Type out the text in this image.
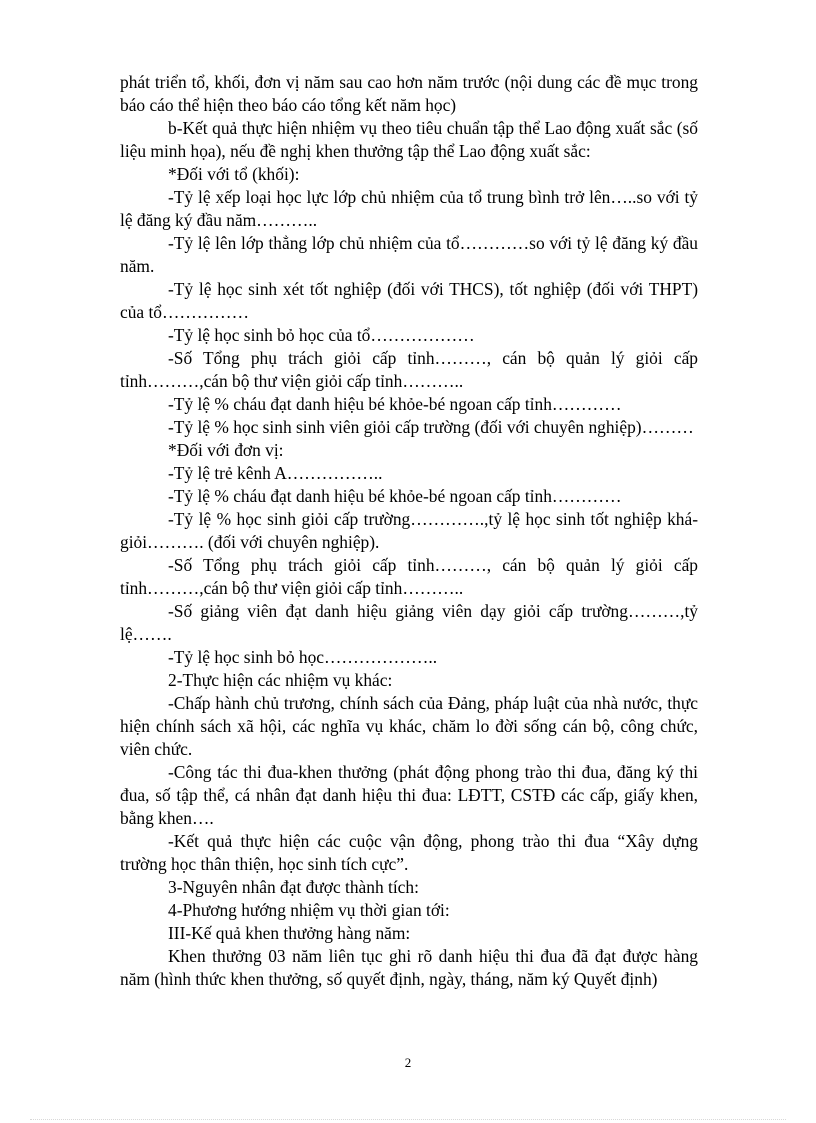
phát triển tổ, khối, đơn vị năm sau cao hơn năm trước (nội dung các đề mục trong báo cáo thể hiện theo báo cáo tổng kết năm học)

b-Kết quả thực hiện nhiệm vụ theo tiêu chuẩn tập thể Lao động xuất sắc (số liệu minh họa), nếu đề nghị khen thưởng tập thể Lao động xuất sắc:

*Đối với tổ (khối):

-Tỷ lệ xếp loại học lực lớp chủ nhiệm của tổ trung bình trở lên…..so với tỷ lệ đăng ký đầu năm………..

-Tỷ lệ lên lớp thẳng lớp chủ nhiệm của tổ…………so với tỷ lệ đăng ký đầu năm.

-Tỷ lệ học sinh xét tốt nghiệp (đối với THCS), tốt nghiệp (đối với THPT) của tổ……………

-Tỷ lệ học sinh bỏ học của tổ………………

-Số Tổng phụ trách giỏi cấp tỉnh………, cán bộ quản lý giỏi cấp tỉnh………,cán bộ thư viện giỏi cấp tỉnh………..

-Tỷ lệ % cháu đạt danh hiệu bé khỏe-bé ngoan cấp tỉnh…………

-Tỷ lệ % học sinh sinh viên giỏi cấp trường (đối với chuyên nghiệp)………

*Đối với đơn vị:

-Tỷ lệ trẻ kênh A……………..

-Tỷ lệ % cháu đạt danh hiệu bé khỏe-bé ngoan cấp tỉnh…………

-Tỷ lệ % học sinh giỏi cấp trường………….,tỷ lệ học sinh tốt nghiệp khá-giỏi………. (đối với chuyên nghiệp).

-Số Tổng phụ trách giỏi cấp tỉnh………, cán bộ quản lý giỏi cấp tỉnh………,cán bộ thư viện giỏi cấp tỉnh………..

-Số giảng viên đạt danh hiệu giảng viên dạy giỏi cấp trường………,tỷ lệ…….

-Tỷ lệ học sinh bỏ học………………..

2-Thực hiện các nhiệm vụ khác:

-Chấp hành chủ trương, chính sách của Đảng, pháp luật của nhà nước, thực hiện chính sách xã hội, các nghĩa vụ khác, chăm lo đời sống cán bộ, công chức, viên chức.

-Công tác thi đua-khen thưởng (phát động phong trào thi đua, đăng ký thi đua, số tập thể, cá nhân đạt danh hiệu thi đua: LĐTT, CSTĐ các cấp, giấy khen, bằng khen….

-Kết quả thực hiện các cuộc vận động, phong trào thi đua “Xây dựng trường học thân thiện, học sinh tích cực”.

3-Nguyên nhân đạt được thành tích:

4-Phương hướng nhiệm vụ thời gian tới:

III-Kế quả khen thưởng hàng năm:

Khen thưởng 03 năm liên tục ghi rõ danh hiệu thi đua đã đạt được hàng năm (hình thức khen thưởng, số quyết định, ngày, tháng, năm ký Quyết định)

2
